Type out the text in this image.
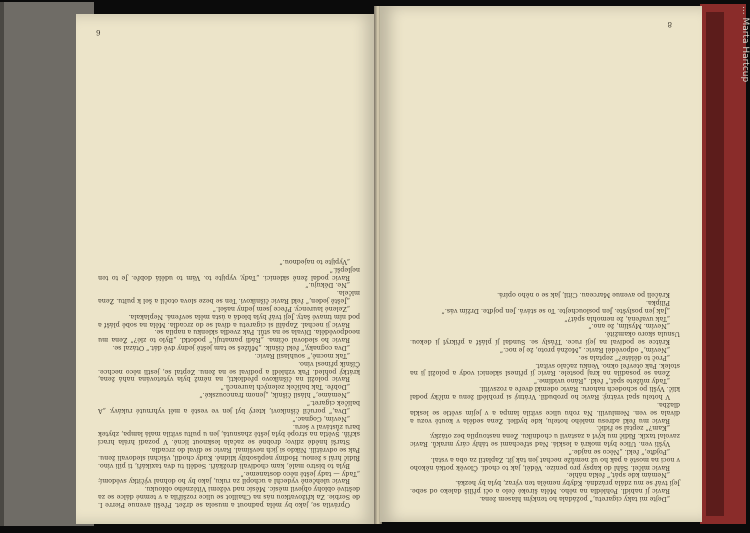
... Marta Hartcup

Oprávila se, jako by měla padnout a musela se držet. Přešli avenue Pierre I. de Serbie. Za křižovatkou nás na Chaillot se ulice rozšířila a v temné dálce se za deštivé oblohy objevil měsíc. Měsíc nad věžemi Vítězného oblouku.

Ravic ulehčeně vydechl a uchopil za ruku, jako by ho dohnal výčitky svědomí; „Tady — tady ještě něco dostaneme.“

Byla to bistro malé, kam chodívali drožkáři. Seděli tu dva taxikáři, ti pili víno. Řidič hrál s ženou. Hodiny nepůsobily klidně. Kudy chodil, všichni sledovali ženu. Pak se odvrátili. Nikdo si jich nevšímal. Ravic se díval do zrcadla.

Starší hnědé zdivo; drobné se začala lesknout lícně. V pozadí hrála hrací skříň. Světla na stropě byla ještě zhasnutá, jen u pultu svítila malá lampa, zbytek baru zůstával v šeru.

„Nevím, Cognac.“

„Dva,“ poručil číšníkovi, který byl jen ve vestě a měl vyhrnuté rukávy. „A balíček cigaret.“

„Nemáme,“ hlásil číšník, „jenom francouzské.“

„Dobře. Tak balíček zelených laurenců.“

Ravic položil na číšníkovo předloktí, na němž byla vytetována nahá žena, krátký pohled. Pak vzhlédl a podíval se na ženu. Zeptal se, jestli něco nechce. Číšník přinesl víno.

„Tak mocně,“ souhlasil Ravic.

„Dva cognaky,“ řekl číšník. „Můžeš se tam ještě jedny dvě dát.“ Otázal se.

Ravic ho sledoval očima. „Rádi pamatují,“ podotkl. „Bylo to zlé?“ Žena mu neodpověděla. Dívala se na stůl. Pak zvedla sklenku a napila se.

Ravic ji nechal. Zapálil si cigaretu a díval se do zrcadla. Měla na sobě plášť a pod ním tmavé šaty. Její tvář byla bledá a ústa měla sevřená. Neplakala.

„Zelené laurency. Přece jsem jedny našel.“

„Ještě jeden,“ řekl Ravic číšníkovi. Ten se beze slova otočil a šel k pultu. Žena mlčela.

„Ne. Děkuju.“

Ravic podal ženě sklenici. „Tady, vypijte to. Vám to udělá dobře. Je to ten nejlepší.“

„Vypijte to najednou.“

6

„Dejte mi taky cigaretu,“ požádala ho tenkým hlasem žena.

Ravic jí nabídl. Pohlédla na něho. Měla široké čelo a oči příliš daleko od sebe. Její tvář se mu zdála prázdná. Kdyby neměla ten výraz, byla by hezká.

„Nemám kde spát,“ řekla náhle.

Ravic mlčel. Sáhl do kapsy pro peníze. Věděl, jak to chodí. Člověk potká někoho v noci na mostě a pak ho už nemůže nechat jen tak jít. Zaplatil za oba a vstal.

„Pojďte,“ řekl. „Něco se najde.“

Vyšli ven. Ulice byla mokrá a lesklá. Nad střechami se táhly cáry mraků. Ravic zavolal taxík. Řidič mu kývl a zastavil u chodníku. Žena nastoupila bez otázky.

„Kam?“ zeptal se řidič.

Ravic mu řekl adresu malého hotelu, kde bydlel. Žena seděla v koutě vozu a dívala se ven. Nemluvili. Na rohu ulice svítila lampa a v jejím světle se leskla dlažba.

V hotelu spal vrátný. Ravic ho probudil. Vrátný si prohlédl ženu a mlčky podal klíč. Vyšli po schodech nahoru. Ravic odemkl dveře a rozsvítil.

„Tady můžete spát,“ řekl. „Ráno uvidíme.“

Žena se posadila na kraj postele. Ravic jí přinesl sklenici vody a položil ji na stolek. Pak otevřel okno. Venku začalo svítat.

„Proč to děláte?“ zeptala se.

„Nevím,“ odpověděl Ravic. „Možná proto, že je noc.“

Krátce se podíval na její ruce. Třásly se. Sundal jí plášť a přikryl ji dekou. Usnula skoro okamžitě.

„Nevím. Myslím, že ano.“

„Tak uvařená, že nemohla spát?“

„Jak jen poslyšte. Jen poslouchejte. To se stává. Jen pojďte. Držím vás.“

Pilipka.

Kráčeli po avenue Marceau. Cítil, jak se o něho opírá.

8
